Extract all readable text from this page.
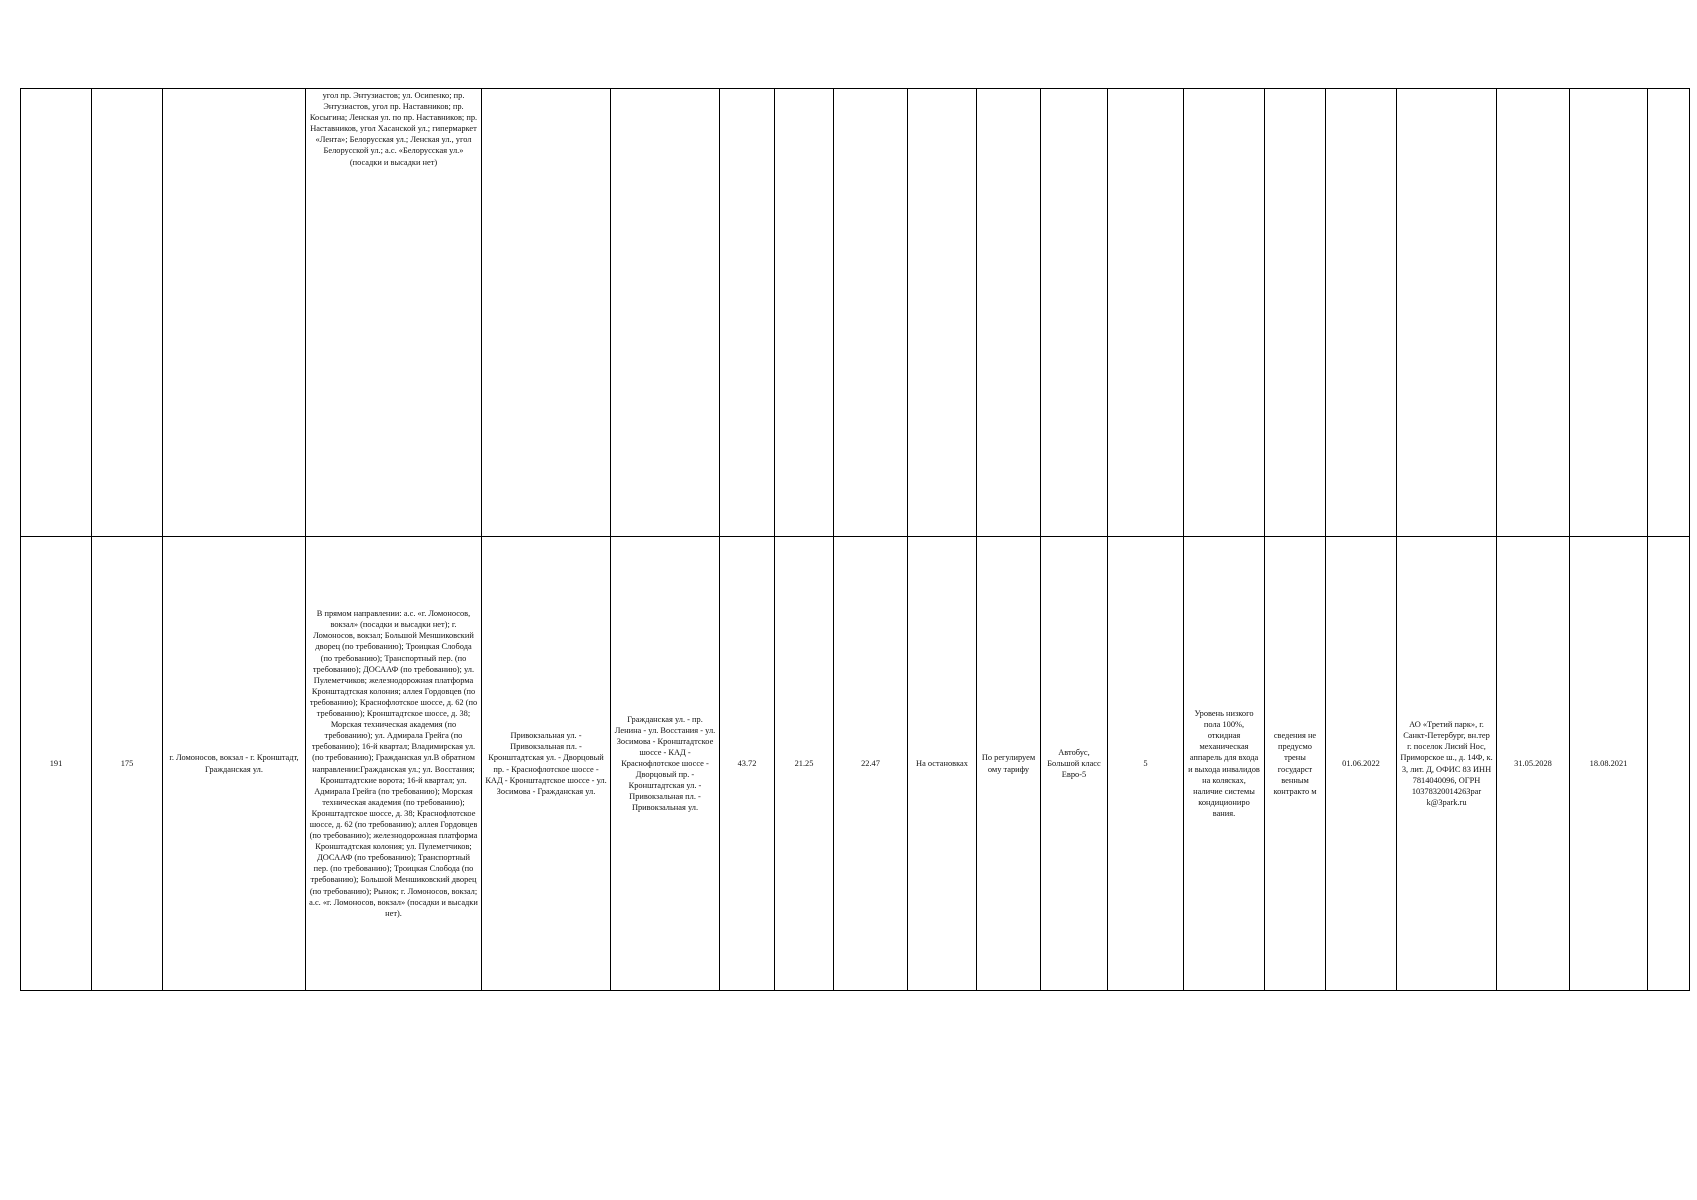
			угол пр. Энтузиастов; ул. Осипенко; пр. Энтузиастов, угол пр. Наставников; пр. Косыгина; Ленская ул. по пр. Наставников; пр. Наставников, угол Хасанской ул.; гипермаркет «Лента»; Белорусская ул.; Ленская ул., угол Белорусской ул.; а.с. «Белорусская ул.» (посадки и высадки нет)																
191	175	г. Ломоносов, вокзал - г. Кронштадт, Гражданская ул.	В прямом направлении: а.с. «г. Ломоносов, вокзал» (посадки и высадки нет); г. Ломоносов, вокзал; Большой Меншиковский дворец (по требованию); Троицкая Слобода (по требованию); Транспортный пер. (по требованию); ДОСААФ (по требованию); ул. Пулеметчиков; железнодорожная платформа Кронштадтская колония; аллея Гордовцев (по требованию); Краснофлотское шоссе, д. 62 (по требованию); Кронштадтское шоссе, д. 38; Морская техническая академия (по требованию); ул. Адмирала Грейга (по требованию); 16-й квартал; Владимирская ул. (по требованию); Гражданская ул.В обратном направлении:Гражданская ул.; ул. Восстания; Кронштадтские ворота; 16-й квартал; ул. Адмирала Грейга (по требованию); Морская техническая академия (по требованию); Кронштадтское шоссе, д. 38; Краснофлотское шоссе, д. 62 (по требованию); аллея Гордовцев (по требованию); железнодорожная платформа Кронштадтская колония; ул. Пулеметчиков; ДОСААФ (по требованию); Транспортный пер. (по требованию); Троицкая Слобода (по требованию); Большой Меншиковский дворец (по требованию); Рынок; г. Ломоносов, вокзал; а.с. «г. Ломоносов, вокзал» (посадки и высадки нет).	Привокзальная ул. - Привокзальная пл. - Кронштадтская ул. - Дворцовый пр. - Краснофлотское шоссе - КАД - Кронштадтское шоссе - ул. Зосимова - Гражданская ул.	Гражданская ул. - пр. Ленина - ул. Восстания - ул. Зосимова - Кронштадтское шоссе - КАД - Краснофлотское шоссе - Дворцовый пр. - Кронштадтская ул. - Привокзальная пл. - Привокзальная ул.	43.72	21.25	22.47	На остановках	По регулируем ому тарифу	Автобус, Большой класс Евро-5	5	Уровень низкого пола 100%, откидная механическая аппарель для входа и выхода инвалидов на колясках, наличие системы кондициониро вания.	сведения не предусмо трены государст венным контракто м	01.06.2022	АО «Третий парк», г. Санкт-Петербург, вн.тер г. поселок Лисий Нос, Приморское ш., д. 14Ф, к. 3, лит. Д, ОФИС 83 ИНН 7814040096, ОГРН 1037832001426Зpar k@3park.ru	31.05.2028	18.08.2021	
